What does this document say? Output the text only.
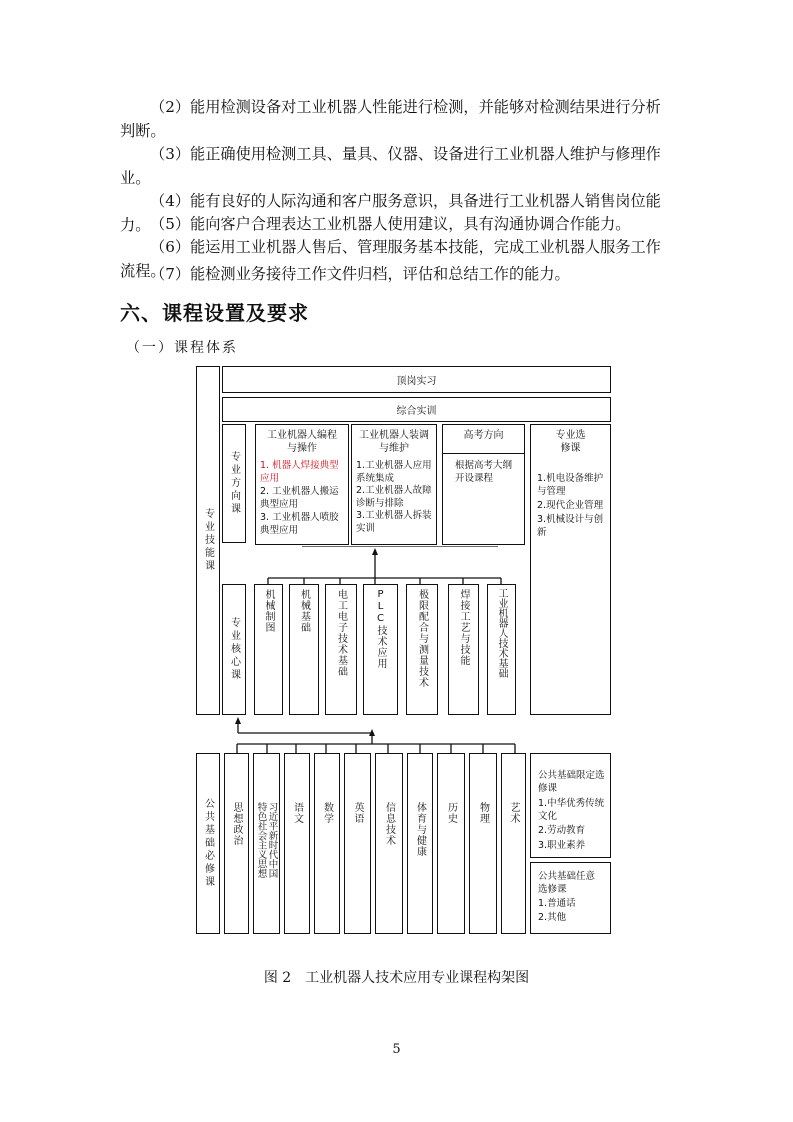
（2）能用检测设备对工业机器人性能进行检测，并能够对检测结果进行分析判断。

（3）能正确使用检测工具、量具、仪器、设备进行工业机器人维护与修理作业。

（4）能有良好的人际沟通和客户服务意识，具备进行工业机器人销售岗位能力。 （5）能向客户合理表达工业机器人使用建议，具有沟通协调合作能力。

（6）能运用工业机器人售后、管理服务基本技能，完成工业机器人服务工作流程。

（7）能检测业务接待工作文件归档，评估和总结工作的能力。

六、课程设置及要求
（一）课程体系
专业技能课
顶岗实习
综合实训
专业方向课
工业机器人编程与操作
1. 机器人焊接典型应用
2. 工业机器人搬运典型应用
3. 工业机器人喷胶典型应用
工业机器人装调与维护
1.工业机器人应用系统集成
2.工业机器人故障诊断与排除
3.工业机器人拆装实训
高考方向
根据高考大纲开设课程
专业选修课
1.机电设备维护与管理
2.现代企业管理
3.机械设计与创新
专业核心课
机械制图 机械基础	电工电子技术基础	PLC技术应用	极限配合与测量技术	焊接工艺与技能	工业机器人技术基础
公共基础必修课 思想政治	习近平新时代中国特色社会主义思想	语文 数学 英语 信息技术 体育与健康 历史 物理 艺术
公共基础限定选修课
1.中华优秀传统文化
2.劳动教育
3.职业素养
公共基础任意选修课
1.普通话
2.其他
图 2　工业机器人技术应用专业课程构架图
5
